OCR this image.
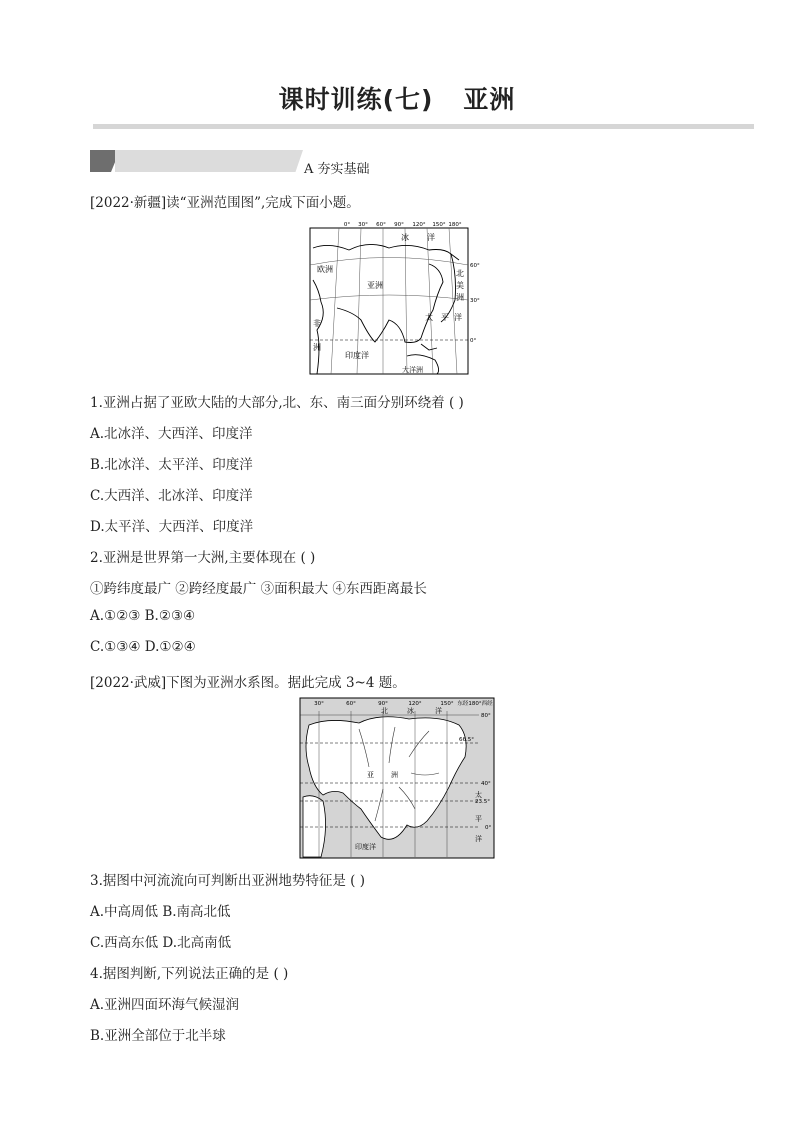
课时训练(七) 亚洲
A 夯实基础
[2022·新疆]读“亚洲范围图”,完成下面小题。
0° 30° 60° 90° 120° 150° 180°
60°
30°
0°
冰 洋
欧洲
亚洲
非
洲
印度洋
大洋洲
太 平 洋
北
美
洲
1.亚洲占据了亚欧大陆的大部分,北、东、南三面分别环绕着 ( )
A.北冰洋、大西洋、印度洋
B.北冰洋、太平洋、印度洋
C.大西洋、北冰洋、印度洋
D.太平洋、大西洋、印度洋
2.亚洲是世界第一大洲,主要体现在 ( )
①跨纬度最广 ②跨经度最广 ③面积最大 ④东西距离最长
A.①②③ B.②③④
C.①③④ D.①②④
[2022·武威]下图为亚洲水系图。据此完成 3~4 题。
30°	60°	90°	120°	150° 东经180°西经
80°
66.5°
40°
23.5°
0°
北	冰	洋
亚 洲
太
平
洋
印度洋
3.据图中河流流向可判断出亚洲地势特征是 ( )
A.中高周低 B.南高北低
C.西高东低 D.北高南低
4.据图判断,下列说法正确的是 ( )
A.亚洲四面环海气候湿润
B.亚洲全部位于北半球
